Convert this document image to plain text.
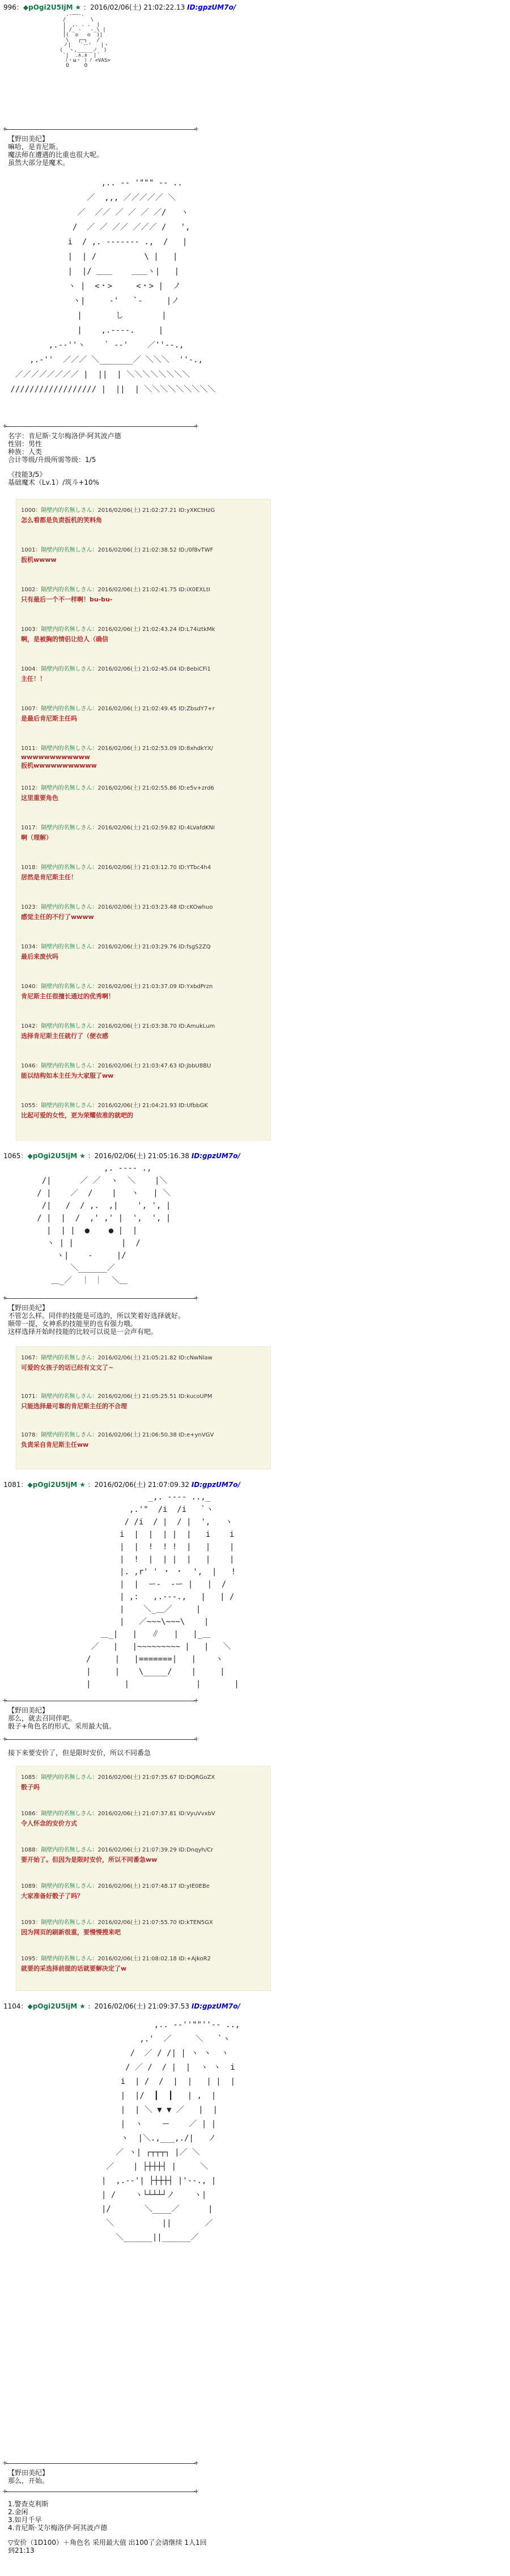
996：◆pOgi2U5IjM ★ ：2016/02/06(土) 21:02:22.13 ID:gpzUM7o/
.-――-.
/        \
|  ,. . .  |
| /_ -   -_\ |
|(  ◎   ◎  )|
\   ┌─┐   /
ノ|   `ー'   |ヽ
(  ヽ,_____ノ  )
`|  .∧.∧  |´
（・ω・ ）ﾉ <VAS>
O     O
+ +
【野田美纪】
嘛哈，是肯尼斯。
魔法师在遭遇的比重也很大呢。
虽然大部分是魔术。
,.. -‐ '""" ‐- ..
／  ,,, ／／／／／ ＼
／  ／／ ／ ／ ／ ／/   ヽ
/  ／ ／ ／／ ／／／ /   ',
i  / ,. -‐‐‐‐‐- .,  /   |
|  | /          \ |   |
|  |/ ＿＿    ＿＿ヽ|   |
ヽ |  <・>     <・> |  ノ
ヽ|     ‐'   `‐     |ノ
|       し        |
|    ,.----.     |
,.-‐''ヽ    ` ‐‐'    ／''‐-.,
,.-''  ／／／ ＼_______／ ＼＼＼  ''-.,
／／／／／／／／ |  ||  | ＼＼＼＼＼＼＼＼
////////////////// |  ||  | ＼＼＼＼＼＼＼＼＼
+ +
名字：肯尼斯·艾尔梅洛伊·阿其波卢德
性别：男性
种族：人类
合计等级/升级所需等级：1/5
《技能3/5》
基础魔术（Lv.1）/筑斗+10%
1000：隔壁内的名無しさん：2016/02/06(土) 21:02:27.21 ID:yXKCtHzG
怎么看都是负责扳机的笑料角
1001：隔壁内的名無しさん：2016/02/06(土) 21:02:38.52 ID:/0f8vTWF
扳机wwww
1002：隔壁内的名無しさん：2016/02/06(土) 21:02:41.75 ID:iX0EXLtI
只有最后一个不一样啊！bu-bu-
1003：隔壁内的名無しさん：2016/02/06(土) 21:02:43.24 ID:L74iztkMk
啊，是被胸的情侣让给人（确信
1004：隔壁内的名無しさん：2016/02/06(土) 21:02:45.04 ID:8ebiCFi1
主任！！
1007：隔壁内的名無しさん：2016/02/06(土) 21:02:49.45 ID:ZbsdY7+r
是最后肯尼斯主任吗
1011：隔壁内的名無しさん：2016/02/06(土) 21:02:53.09 ID:8xhdkYX/
wwwwwwwwwwww
扳机wwwwwwwwwww
1012：隔壁内的名無しさん：2016/02/06(土) 21:02:55.86 ID:e5v+zrd6
这里重要角色
1017：隔壁内的名無しさん：2016/02/06(土) 21:02:59.82 ID:4LVafdKNI
啊（理解）
1018：隔壁内的名無しさん：2016/02/06(土) 21:03:12.70 ID:YTbc4h4
居然是肯尼斯主任！
1023：隔壁内的名無しさん：2016/02/06(土) 21:03:23.48 ID:cKOwhuo
感觉主任的不行了wwww
1034：隔壁内的名無しさん：2016/02/06(土) 21:03:29.76 ID:fsgS2ZQ
最后来废伙吗
1040：隔壁内的名無しさん：2016/02/06(土) 21:03:37.09 ID:YxbdPrzn
肯尼斯主任很擅长通过的优秀啊！
1042：隔壁内的名無しさん：2016/02/06(土) 21:03:38.70 ID:AmukLum
选择肯尼斯主任就行了（便衣感
1046：隔壁内的名無しさん：2016/02/06(土) 21:03:47.63 ID:jbbU8BU
能以结构如本主任为大家服了ww
1055：隔壁内的名無しさん：2016/02/06(土) 21:04:21.93 ID:UfbbGK
比起可爱的女性，更为荣耀依准的就吧的
1065：◆pOgi2U5IjM ★ ：2016/02/06(土) 21:05:16.38 ID:gpzUM7o/
,. -‐‐- .,
/|      ／ ／  ヽ  ＼    |＼
/ |    ／  /    |   ヽ   | ＼
/|   /  / ,.  ,|    ', ', |
/ |  |  /  ,' ,' |  ',  ', |
|  | |  ●    ● |  |
ヽ | |          |  /
ヽ|    ‐     |/
＼______／
＿_／  ｜ ｜  ＼＿

+ +
【野田美纪】
不管怎么样。同伴的技能是可选的，所以笑着好选择就好。
顺带一提，女神系的技能里的也有强力哦。
这样选择开始时技能的比较可以说是一会声有吧。
1067：隔壁内的名無しさん：2016/02/06(土) 21:05:21.82 ID:cNwNlaw
可爱的女孩子的话已经有文文了~
1071：隔壁内的名無しさん：2016/02/06(土) 21:05:25.51 ID:kucoUPM
只能选择最可靠的肯尼斯主任的不合理
1078：隔壁内的名無しさん：2016/02/06(土) 21:06:50.38 ID:e+ynVGV
负责采自肯尼斯主任ww
1081：◆pOgi2U5IjM ★ ：2016/02/06(土) 21:07:09.32 ID:gpzUM7o/
_,. ---- ..,_
,.'"  /i  /i   `ヽ
/ /i  / |  / |  ',   ヽ
i  |  |  | |  |   i    i
|  |  !  ! !  |   |    |
|  !  |  | |  |   |    |
|. ,r' ' ・ ・  ',  |   !
|  |  ー‐  ‐ー |   |  /
| ,:   ,.-‐‐.,   |   | /
|    ＼_＿／     |
|   ／~~~\~~~\    |
＿_|   |   ∥   |   |_＿
／   |   |~~~~~~~~~ |   |   ＼
/     |   |=======|   |    ヽ
|     |    \_____/    |     |
|       |              |       |
+ +
【野田美纪】
那么，就去召同伴吧。
骰子+角色名的形式，采用最大值。
+ +
接下来要安价了，但是限时安价，所以不同番急
1085：隔壁内的名無しさん：2016/02/06(土) 21:07:35.67 ID:DQRGoZX
骰子吗
1086：隔壁内的名無しさん：2016/02/06(土) 21:07:37.81 ID:VyuVvxbV
令人怀念的安价方式
1088：隔壁内的名無しさん：2016/02/06(土) 21:07:39.29 ID:Dnqyh/Cr
要开始了。但因为是限时安价，所以不同番急ww
1089：隔壁内的名無しさん：2016/02/06(土) 21:07:48.17 ID:yIE0EBe
大家准备好骰子了吗？
1093：隔壁内的名無しさん：2016/02/06(土) 21:07:55.70 ID:kTEN5GX
因为网页的刷新很重，要慢慢搜来吧
1095：隔壁内的名無しさん：2016/02/06(土) 21:08:02.18 ID:+AjkoR2
就要的采选择前提的话就要解决定了w
1104：◆pOgi2U5IjM ★ ：2016/02/06(土) 21:09:37.53 ID:gpzUM7o/
,.. -‐''""''‐- ..,
,.'  ／     ＼   `ヽ
/  ／ / /| | ヽ ヽ  ヽ
/ ／ /  / |  |  ヽ ヽ  i
i  | /  /  |  |   | |  |
|  |/  ┃  ┃   | ,  |
|  | ＼ ▼ ▼ ／   |  |
|  ヽ    ー    ／ | |
ヽ  |＼.,___,./|   ノ
／ ヽ| ┌┬┬┬┐ |／ ＼
／    | ├┼┼┼┤ |     ＼
|  ,.--'| ├┼┼┼┤ |'--., |
| /    ヽ└┴┴┴┘ノ    ヽ|
|/       ＼____／      |
＼          ||       ／
＼______||______／
+ +
【野田美纪】
那么，开始。
+ +
1.警查克利斯
2.金闲
3.如月千早
4.肯尼斯·艾尔梅洛伊·阿其波卢德
▽安价（1D100）＋角色名 采用最大值 出100了会请继续 1人1回
到21:13
